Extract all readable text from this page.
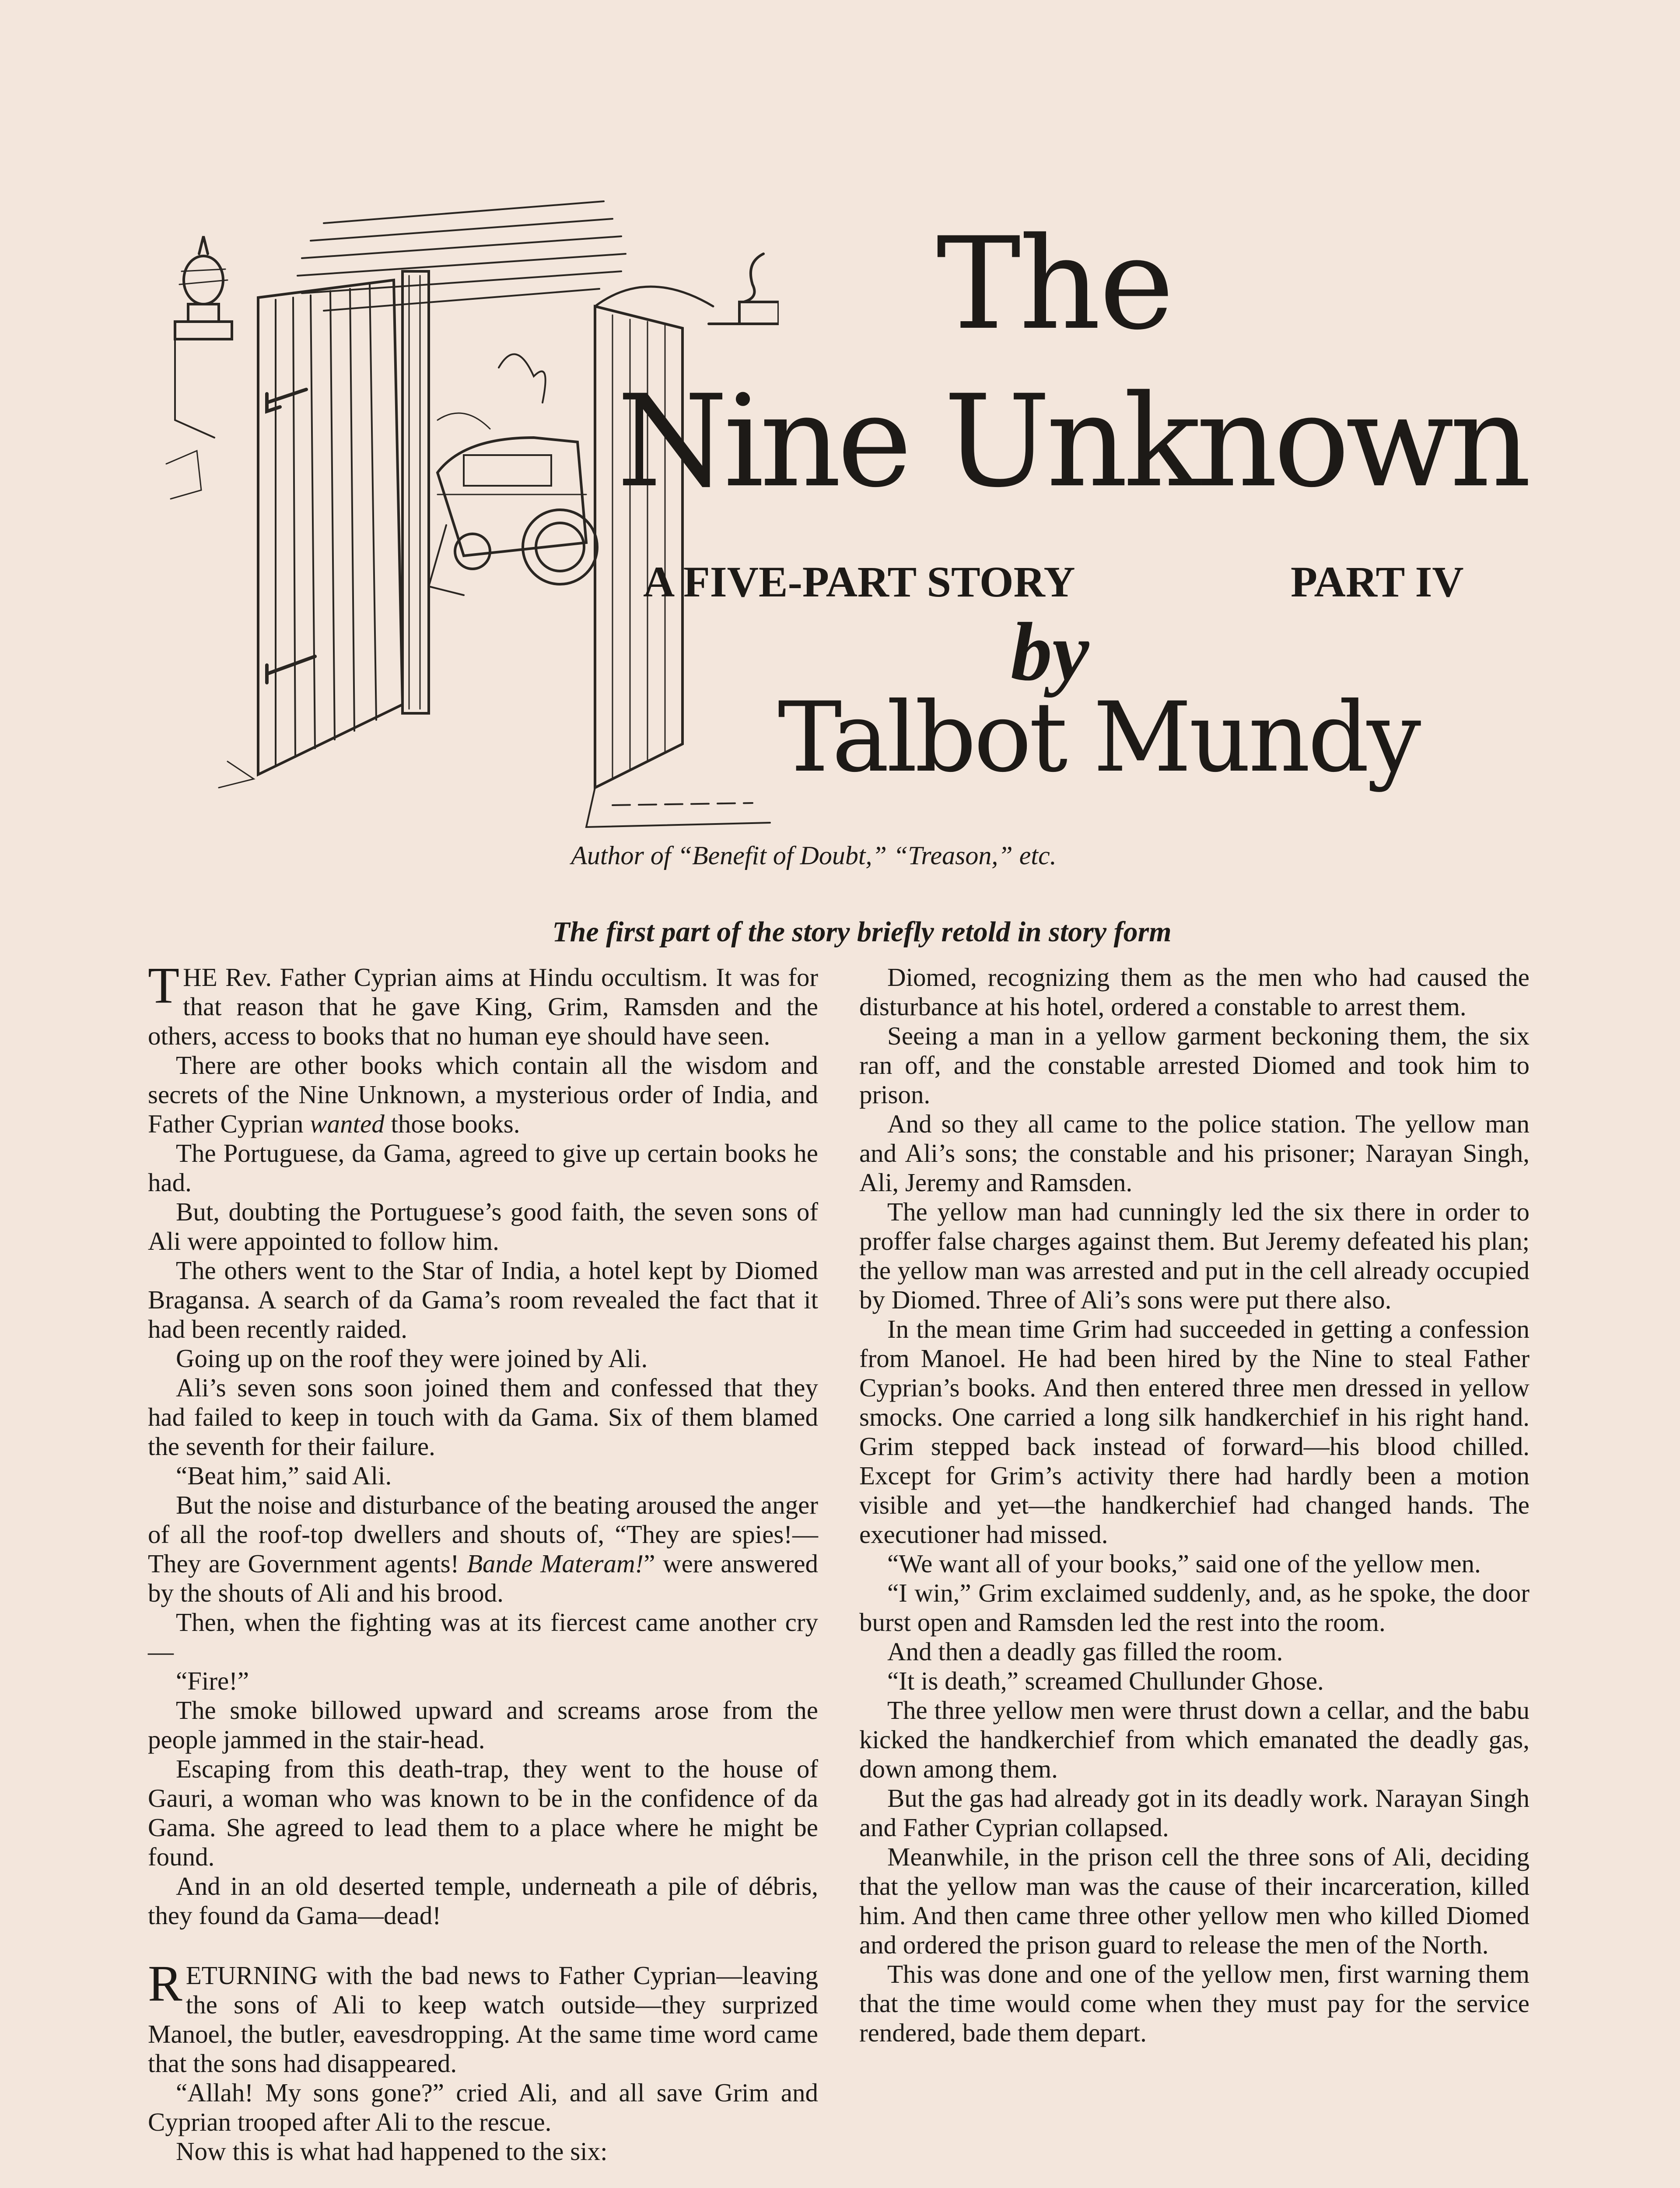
The
Nine Unknown
A FIVE-PART STORY	PART IV
by
Talbot Mundy
Author of “Benefit of Doubt,” “Treason,” etc.
The first part of the story briefly retold in story form

THE Rev. Father Cyprian aims at Hindu occultism. It was for that reason that he gave King, Grim, Ramsden and the others, access to books that no human eye should have seen.

There are other books which contain all the wisdom and secrets of the Nine Unknown, a mysterious order of India, and Father Cyprian wanted those books.

The Portuguese, da Gama, agreed to give up certain books he had.

But, doubting the Portuguese’s good faith, the seven sons of Ali were appointed to follow him.

The others went to the Star of India, a hotel kept by Diomed Bragansa. A search of da Gama’s room revealed the fact that it had been recently raided.

Going up on the roof they were joined by Ali.

Ali’s seven sons soon joined them and confessed that they had failed to keep in touch with da Gama. Six of them blamed the seventh for their failure.

“Beat him,” said Ali.

But the noise and disturbance of the beating aroused the anger of all the roof-top dwellers and shouts of, “They are spies!—They are Government agents! Bande Materam!” were answered by the shouts of Ali and his brood.

Then, when the fighting was at its fiercest came another cry—

“Fire!”

The smoke billowed upward and screams arose from the people jammed in the stair-head.

Escaping from this death-trap, they went to the house of Gauri, a woman who was known to be in the confidence of da Gama. She agreed to lead them to a place where he might be found.

And in an old deserted temple, underneath a pile of débris, they found da Gama—dead!

RETURNING with the bad news to Father Cyprian—leaving the sons of Ali to keep watch outside—they surprized Manoel, the butler, eavesdropping. At the same time word came that the sons had disappeared.

“Allah! My sons gone?” cried Ali, and all save Grim and Cyprian trooped after Ali to the rescue.

Now this is what had happened to the six:

Diomed, recognizing them as the men who had caused the disturbance at his hotel, ordered a constable to arrest them.

Seeing a man in a yellow garment beckoning them, the six ran off, and the constable arrested Diomed and took him to prison.

And so they all came to the police station. The yellow man and Ali’s sons; the constable and his prisoner; Narayan Singh, Ali, Jeremy and Ramsden.

The yellow man had cunningly led the six there in order to proffer false charges against them. But Jeremy defeated his plan; the yellow man was arrested and put in the cell already occupied by Diomed. Three of Ali’s sons were put there also.

In the mean time Grim had succeeded in getting a confession from Manoel. He had been hired by the Nine to steal Father Cyprian’s books. And then entered three men dressed in yellow smocks. One carried a long silk handkerchief in his right hand. Grim stepped back instead of forward—his blood chilled. Except for Grim’s activity there had hardly been a motion visible and yet—the handkerchief had changed hands. The executioner had missed.

“We want all of your books,” said one of the yellow men.

“I win,” Grim exclaimed suddenly, and, as he spoke, the door burst open and Ramsden led the rest into the room.

And then a deadly gas filled the room.

“It is death,” screamed Chullunder Ghose.

The three yellow men were thrust down a cellar, and the babu kicked the handkerchief from which emanated the deadly gas, down among them.

But the gas had already got in its deadly work. Narayan Singh and Father Cyprian collapsed.

Meanwhile, in the prison cell the three sons of Ali, deciding that the yellow man was the cause of their incarceration, killed him. And then came three other yellow men who killed Diomed and ordered the prison guard to release the men of the North.

This was done and one of the yellow men, first warning them that the time would come when they must pay for the service rendered, bade them depart.
